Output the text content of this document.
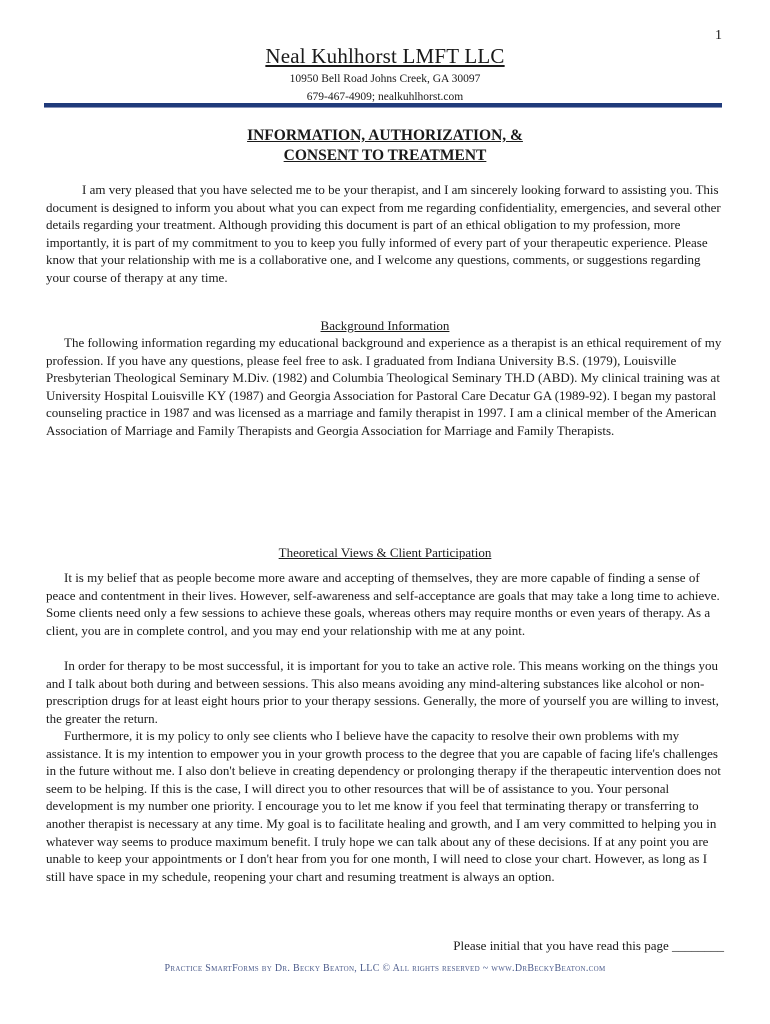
1
Neal Kuhlhorst LMFT LLC
10950 Bell Road Johns Creek, GA 30097
679-467-4909; nealkuhlhorst.com
INFORMATION, AUTHORIZATION, &
CONSENT TO TREATMENT

I am very pleased that you have selected me to be your therapist, and I am sincerely looking forward to assisting you. This document is designed to inform you about what you can expect from me regarding confidentiality, emergencies, and several other details regarding your treatment. Although providing this document is part of an ethical obligation to my profession, more importantly, it is part of my commitment to you to keep you fully informed of every part of your therapeutic experience. Please know that your relationship with me is a collaborative one, and I welcome any questions, comments, or suggestions regarding your course of therapy at any time.

Background Information

The following information regarding my educational background and experience as a therapist is an ethical requirement of my profession. If you have any questions, please feel free to ask. I graduated from Indiana University B.S. (1979), Louisville Presbyterian Theological Seminary M.Div. (1982) and Columbia Theological Seminary TH.D (ABD). My clinical training was at University Hospital Louisville KY (1987) and Georgia Association for Pastoral Care Decatur GA (1989-92). I began my pastoral counseling practice in 1987 and was licensed as a marriage and family therapist in 1997. I am a clinical member of the American Association of Marriage and Family Therapists and Georgia Association for Marriage and Family Therapists.

Theoretical Views & Client Participation

It is my belief that as people become more aware and accepting of themselves, they are more capable of finding a sense of peace and contentment in their lives. However, self-awareness and self-acceptance are goals that may take a long time to achieve. Some clients need only a few sessions to achieve these goals, whereas others may require months or even years of therapy. As a client, you are in complete control, and you may end your relationship with me at any point.

In order for therapy to be most successful, it is important for you to take an active role. This means working on the things you and I talk about both during and between sessions. This also means avoiding any mind-altering substances like alcohol or non-prescription drugs for at least eight hours prior to your therapy sessions. Generally, the more of yourself you are willing to invest, the greater the return.

Furthermore, it is my policy to only see clients who I believe have the capacity to resolve their own problems with my assistance. It is my intention to empower you in your growth process to the degree that you are capable of facing life's challenges in the future without me. I also don't believe in creating dependency or prolonging therapy if the therapeutic intervention does not seem to be helping. If this is the case, I will direct you to other resources that will be of assistance to you. Your personal development is my number one priority. I encourage you to let me know if you feel that terminating therapy or transferring to another therapist is necessary at any time. My goal is to facilitate healing and growth, and I am very committed to helping you in whatever way seems to produce maximum benefit. I truly hope we can talk about any of these decisions. If at any point you are unable to keep your appointments or I don't hear from you for one month, I will need to close your chart. However, as long as I still have space in my schedule, reopening your chart and resuming treatment is always an option.

Please initial that you have read this page ________
Practice SmartForms by Dr. Becky Beaton, LLC © All rights reserved ~ www.DrBeckyBeaton.com
